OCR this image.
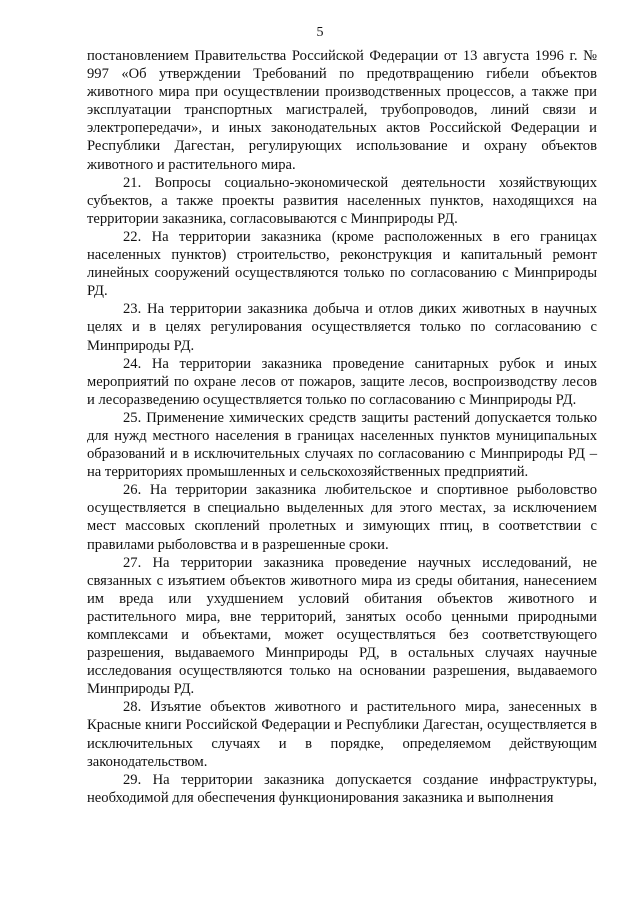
5

постановлением Правительства Российской Федерации от 13 августа 1996 г. № 997 «Об утверждении Требований по предотвращению гибели объектов животного мира при осуществлении производственных процессов, а также при эксплуатации транспортных магистралей, трубопроводов, линий связи и электропередачи», и иных законодательных актов Российской Федерации и Республики Дагестан, регулирующих использование и охрану объектов животного и растительного мира.

21. Вопросы социально-экономической деятельности хозяйствующих субъектов, а также проекты развития населенных пунктов, находящихся на территории заказника, согласовываются с Минприроды РД.

22. На территории заказника (кроме расположенных в его границах населенных пунктов) строительство, реконструкция и капитальный ремонт линейных сооружений осуществляются только по согласованию с Минприроды РД.

23. На территории заказника добыча и отлов диких животных в научных целях и в целях регулирования осуществляется только по согласованию с Минприроды РД.

24. На территории заказника проведение санитарных рубок и иных мероприятий по охране лесов от пожаров, защите лесов, воспроизводству лесов и лесоразведению осуществляется только по согласованию с Минприроды РД.

25. Применение химических средств защиты растений допускается только для нужд местного населения в границах населенных пунктов муниципальных образований и в исключительных случаях по согласованию с Минприроды РД – на территориях промышленных и сельскохозяйственных предприятий.

26. На территории заказника любительское и спортивное рыболовство осуществляется в специально выделенных для этого местах, за исключением мест массовых скоплений пролетных и зимующих птиц, в соответствии с правилами рыболовства и в разрешенные сроки.

27. На территории заказника проведение научных исследований, не связанных с изъятием объектов животного мира из среды обитания, нанесением им вреда или ухудшением условий обитания объектов животного и растительного мира, вне территорий, занятых особо ценными природными комплексами и объектами, может осуществляться без соответствующего разрешения, выдаваемого Минприроды РД, в остальных случаях научные исследования осуществляются только на основании разрешения, выдаваемого Минприроды РД.

28. Изъятие объектов животного и растительного мира, занесенных в Красные книги Российской Федерации и Республики Дагестан, осуществляется в исключительных случаях и в порядке, определяемом действующим законодательством.

29. На территории заказника допускается создание инфраструктуры, необходимой для обеспечения функционирования заказника и выполнения
